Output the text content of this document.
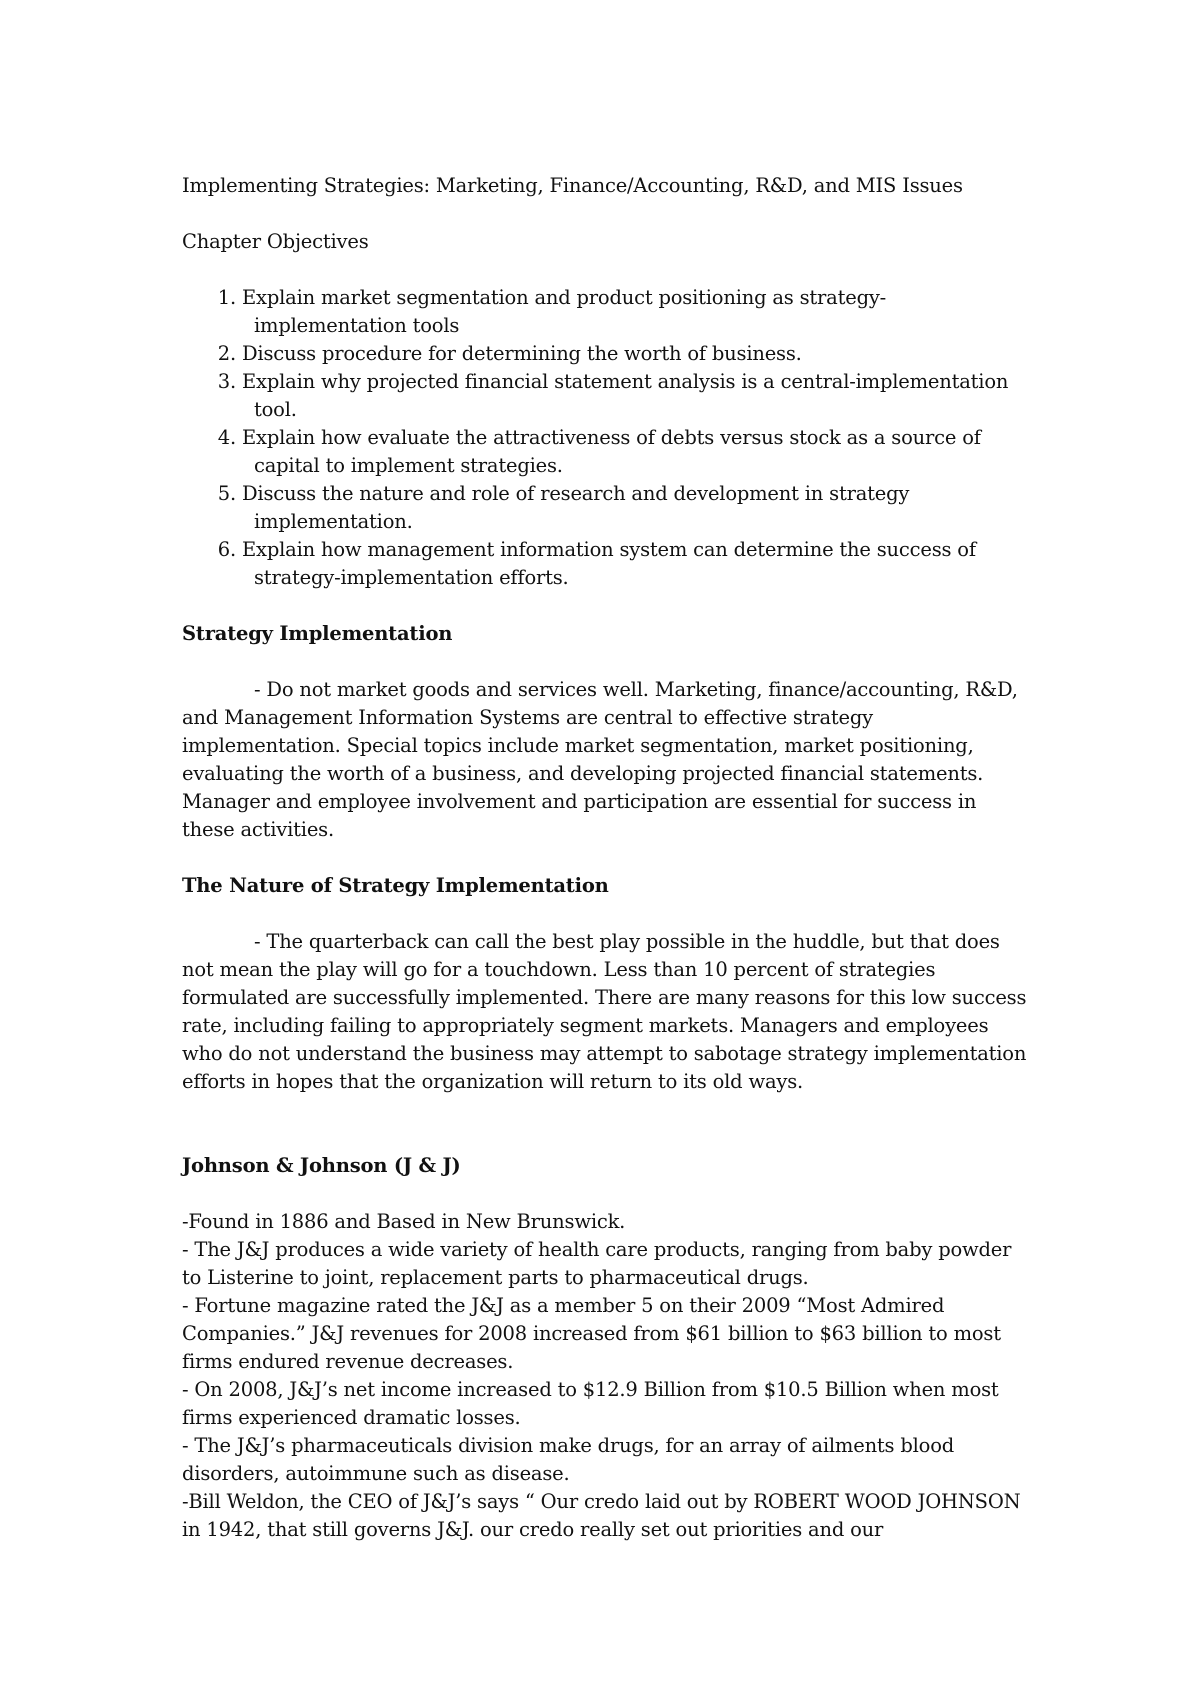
Implementing Strategies: Marketing, Finance/Accounting, R&D, and MIS Issues
Chapter Objectives
1. Explain market segmentation and product positioning as strategy-implementation tools
2. Discuss procedure for determining the worth of business.
3. Explain why projected financial statement analysis is a central-implementation tool.
4. Explain how evaluate the attractiveness of debts versus stock as a source of capital to implement strategies.
5. Discuss the nature and role of research and development in strategy implementation.
6. Explain how management information system can determine the success of strategy-implementation efforts.
Strategy Implementation

- Do not market goods and services well. Marketing, finance/accounting, R&D, and Management Information Systems are central to effective strategy implementation. Special topics include market segmentation, market positioning, evaluating the worth of a business, and developing projected financial statements. Manager and employee involvement and participation are essential for success in these activities.

The Nature of Strategy Implementation

- The quarterback can call the best play possible in the huddle, but that does not mean the play will go for a touchdown. Less than 10 percent of strategies formulated are successfully implemented. There are many reasons for this low success rate, including failing to appropriately segment markets. Managers and employees who do not understand the business may attempt to sabotage strategy implementation efforts in hopes that the organization will return to its old ways.

Johnson & Johnson (J & J)
-Found in 1886 and Based in New Brunswick.
- The J&J produces a wide variety of health care products, ranging from baby powder to Listerine to joint, replacement parts to pharmaceutical drugs.
- Fortune magazine rated the J&J as a member 5 on their 2009 “Most Admired Companies.” J&J revenues for 2008 increased from $61 billion to $63 billion to most firms endured revenue decreases.
- On 2008, J&J’s net income increased to $12.9 Billion from $10.5 Billion when most firms experienced dramatic losses.
- The J&J’s pharmaceuticals division make drugs, for an array of ailments blood disorders, autoimmune such as disease.
-Bill Weldon, the CEO of J&J’s says “ Our credo laid out by ROBERT WOOD JOHNSON in 1942, that still governs J&J. our credo really set out priorities and our
